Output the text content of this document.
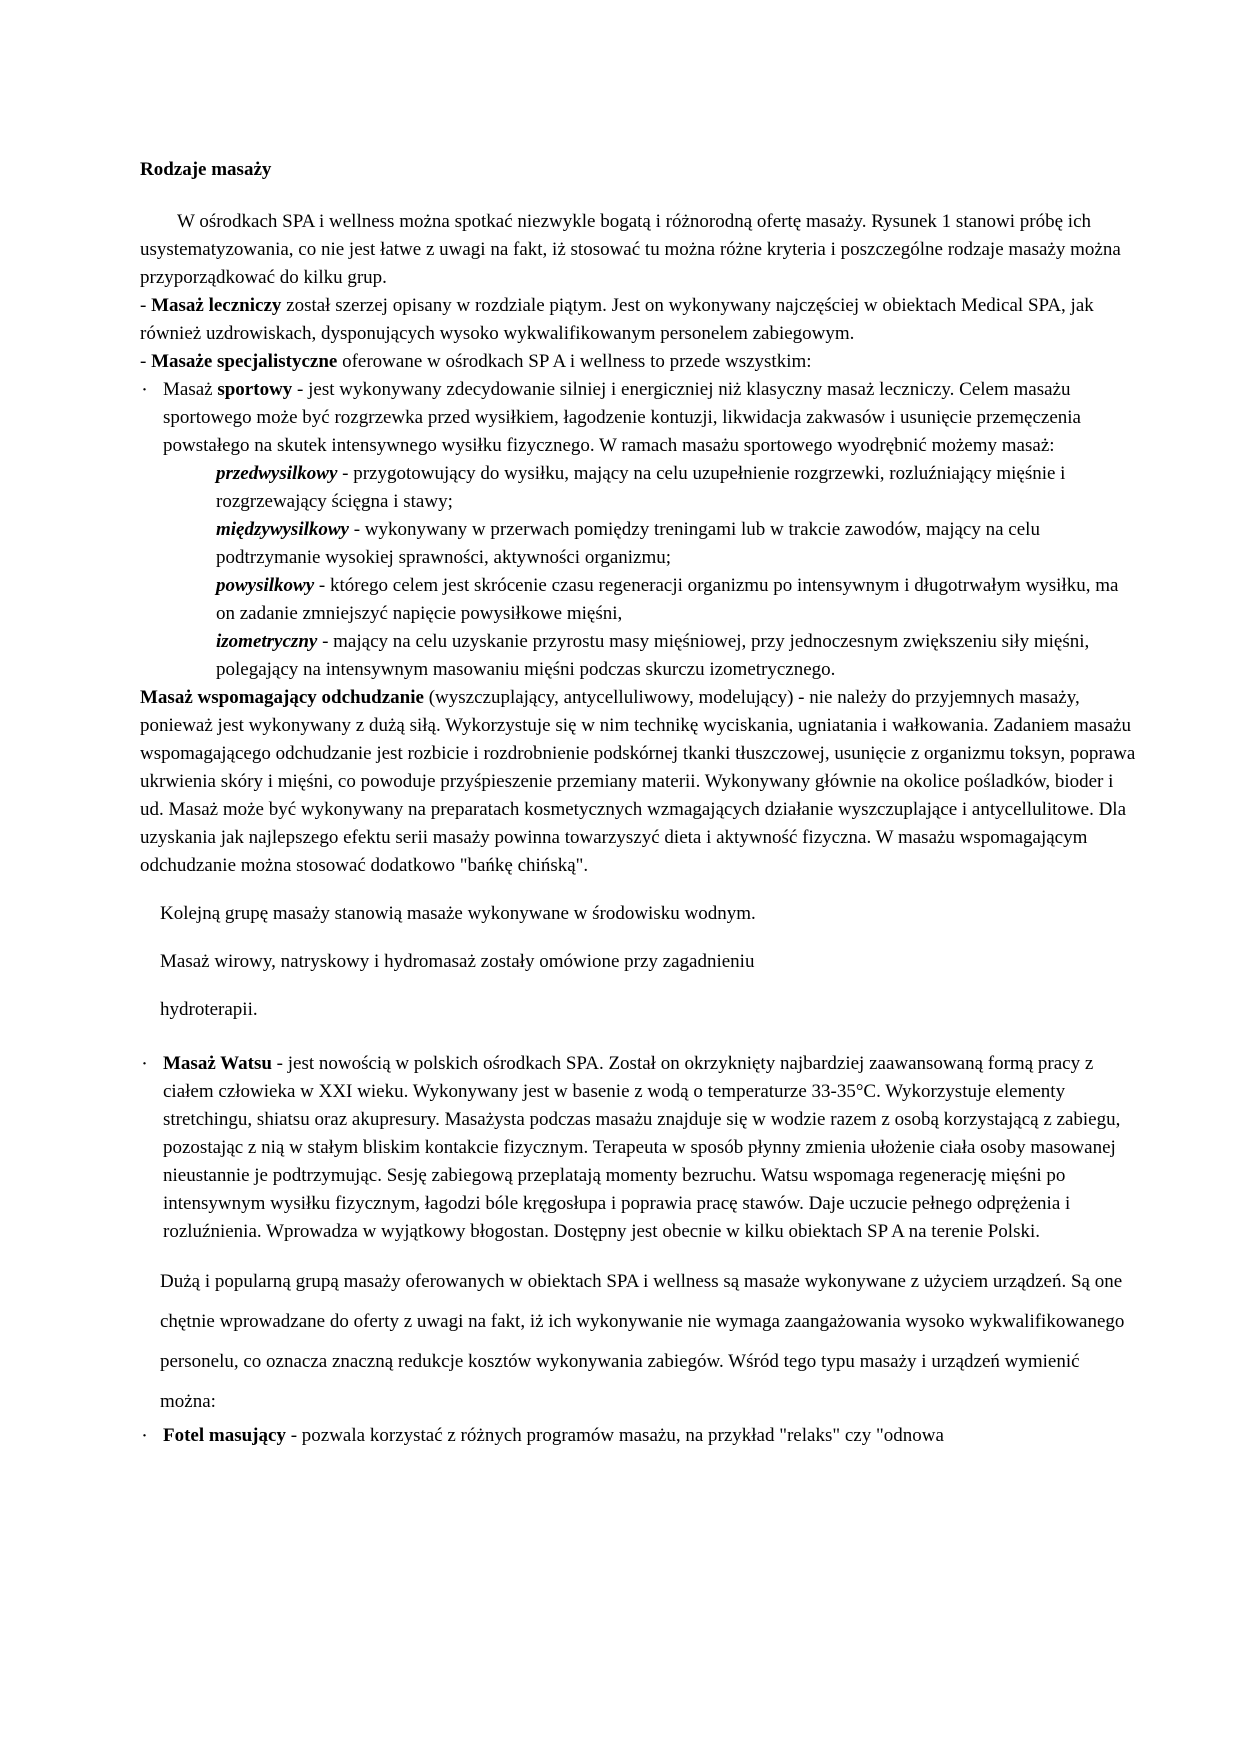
Rodzaje masaży

W ośrodkach SPA i wellness można spotkać niezwykle bogatą i różnorodną ofertę masaży. Rysunek 1 stanowi próbę ich usystematyzowania, co nie jest łatwe z uwagi na fakt, iż stosować tu można różne kryteria i poszczególne rodzaje masaży można przyporządkować do kilku grup.

- Masaż leczniczy został szerzej opisany w rozdziale piątym. Jest on wykonywany najczęściej w obiektach Medical SPA, jak również uzdrowiskach, dysponujących wysoko wykwalifikowanym personelem zabiegowym.

- Masaże specjalistyczne oferowane w ośrodkach SP A i wellness to przede wszystkim:

· Masaż sportowy - jest wykonywany zdecydowanie silniej i energiczniej niż klasyczny masaż leczniczy. Celem masażu sportowego może być rozgrzewka przed wysiłkiem, łagodzenie kontuzji, likwidacja zakwasów i usunięcie przemęczenia powstałego na skutek intensywnego wysiłku fizycznego. W ramach masażu sportowego wyodrębnić możemy masaż:
przedwysilkowy - przygotowujący do wysiłku, mający na celu uzupełnienie rozgrzewki, rozluźniający mięśnie i rozgrzewający ścięgna i stawy;
międzywysilkowy - wykonywany w przerwach pomiędzy treningami lub w trakcie zawodów, mający na celu podtrzymanie wysokiej sprawności, aktywności organizmu;
powysilkowy - którego celem jest skrócenie czasu regeneracji organizmu po intensywnym i długotrwałym wysiłku, ma on zadanie zmniejszyć napięcie powysiłkowe mięśni,
izometryczny - mający na celu uzyskanie przyrostu masy mięśniowej, przy jednoczesnym zwiększeniu siły mięśni, polegający na intensywnym masowaniu mięśni podczas skurczu izometrycznego.

Masaż wspomagający odchudzanie (wyszczuplający, antycelluliwowy, modelujący) - nie należy do przyjemnych masaży, ponieważ jest wykonywany z dużą siłą. Wykorzystuje się w nim technikę wyciskania, ugniatania i wałkowania. Zadaniem masażu wspomagającego odchudzanie jest rozbicie i rozdrobnienie podskórnej tkanki tłuszczowej, usunięcie z organizmu toksyn, poprawa ukrwienia skóry i mięśni, co powoduje przyśpieszenie przemiany materii. Wykonywany głównie na okolice pośladków, bioder i ud. Masaż może być wykonywany na preparatach kosmetycznych wzmagających działanie wyszczuplające i antycellulitowe. Dla uzyskania jak najlepszego efektu serii masaży powinna towarzyszyć dieta i aktywność fizyczna. W masażu wspomagającym odchudzanie można stosować dodatkowo "bańkę chińską".

Kolejną grupę masaży stanowią masaże wykonywane w środowisku wodnym.
Masaż wirowy, natryskowy i hydromasaż zostały omówione przy zagadnieniu
hydroterapii.
· Masaż Watsu - jest nowością w polskich ośrodkach SPA. Został on okrzyknięty najbardziej zaawansowaną formą pracy z ciałem człowieka w XXI wieku. Wykonywany jest w basenie z wodą o temperaturze 33-35°C. Wykorzystuje elementy stretchingu, shiatsu oraz akupresury. Masażysta podczas masażu znajduje się w wodzie razem z osobą korzystającą z zabiegu, pozostając z nią w stałym bliskim kontakcie fizycznym. Terapeuta w sposób płynny zmienia ułożenie ciała osoby masowanej nieustannie je podtrzymując. Sesję zabiegową przeplatają momenty bezruchu. Watsu wspomaga regenerację mięśni po intensywnym wysiłku fizycznym, łagodzi bóle kręgosłupa i poprawia pracę stawów. Daje uczucie pełnego odprężenia i rozluźnienia. Wprowadza w wyjątkowy błogostan. Dostępny jest obecnie w kilku obiektach SP A na terenie Polski.
Dużą i popularną grupą masaży oferowanych w obiektach SPA i wellness są masaże wykonywane z użyciem urządzeń. Są one chętnie wprowadzane do oferty z uwagi na fakt, iż ich wykonywanie nie wymaga zaangażowania wysoko wykwalifikowanego personelu, co oznacza znaczną redukcje kosztów wykonywania zabiegów. Wśród tego typu masaży i urządzeń wymienić można:
· Fotel masujący - pozwala korzystać z różnych programów masażu, na przykład "relaks" czy "odnowa
